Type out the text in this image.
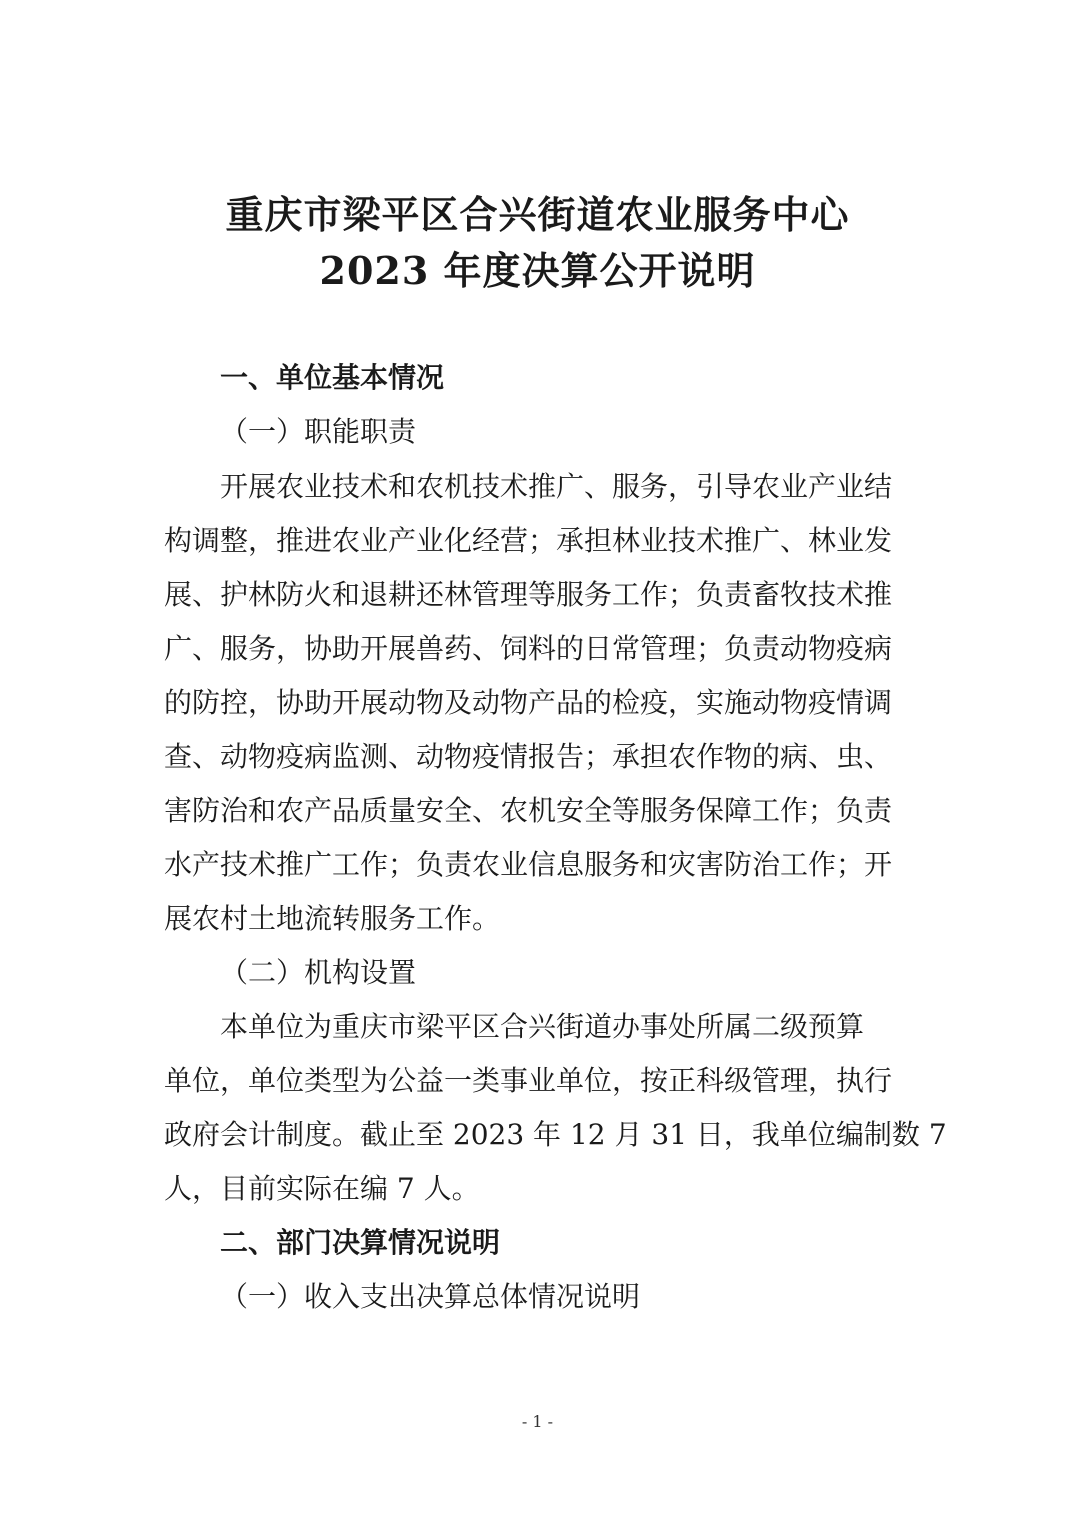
重庆市梁平区合兴街道农业服务中心
2023 年度决算公开说明
一、单位基本情况
（一）职能职责
开展农业技术和农机技术推广、服务，引导农业产业结
构调整，推进农业产业化经营；承担林业技术推广、林业发
展、护林防火和退耕还林管理等服务工作；负责畜牧技术推
广、服务，协助开展兽药、饲料的日常管理；负责动物疫病
的防控，协助开展动物及动物产品的检疫，实施动物疫情调
查、动物疫病监测、动物疫情报告；承担农作物的病、虫、
害防治和农产品质量安全、农机安全等服务保障工作；负责
水产技术推广工作；负责农业信息服务和灾害防治工作；开
展农村土地流转服务工作。
（二）机构设置
本单位为重庆市梁平区合兴街道办事处所属二级预算
单位，单位类型为公益一类事业单位，按正科级管理，执行
政府会计制度。截止至 2023 年 12 月 31 日，我单位编制数 7
人，目前实际在编 7 人。
二、部门决算情况说明
（一）收入支出决算总体情况说明
- 1 -
